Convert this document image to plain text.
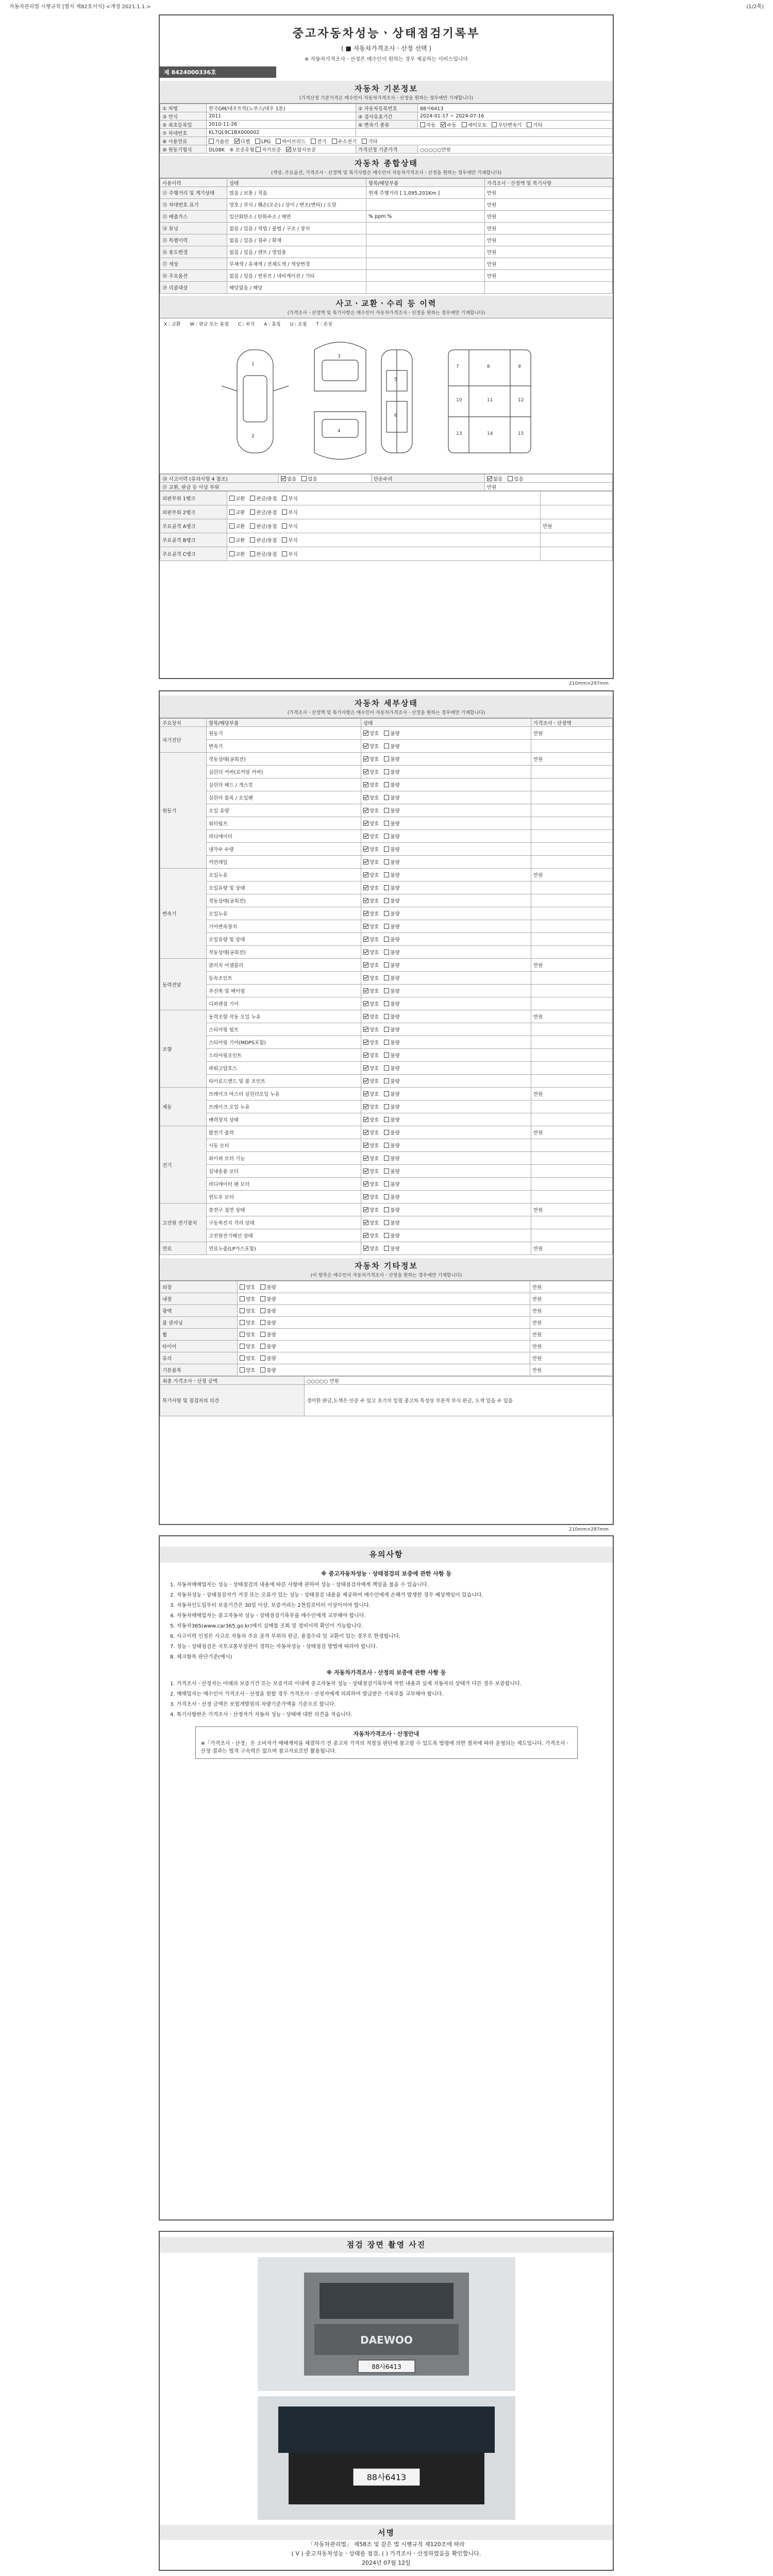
자동차관리법 시행규칙 [별지 제82호서식] <개정 2021.1.1.>	(1/2쪽)
중고자동차성능ㆍ상태점검기록부
( ■ 자동차가격조사ㆍ산정 선택 )
※ 자동차가격조사ㆍ산정은 매수인이 원하는 경우 제공하는 서비스입니다
제 8424000336호
자동차 기본정보
(가격산정 기준가격은 매수인이 자동차가격조사ㆍ산정을 원하는 경우에만 기재합니다)
① 차명	한국GM/대우트럭(노부스/대우 1톤)	② 자동차등록번호	88사6413
③ 연식	2011	④ 검사유효기간	2024-01-17 ~ 2024-07-16
⑤ 최초등록일	2010-11-26	⑥ 변속기 종류	자동 수동 세미오토 무단변속기 기타
⑦ 차대번호	KL7QL9C1BX000002		
⑧ 사용연료	가솔린 디젤 LPG 하이브리드 전기 수소전기 기타		
⑩ 원동기형식	DL08K ⑨ 보증유형 자가보증 보험사보증	가격산정 기준가격	○○○○○만원
자동차 종합상태
(색상, 주요옵션, 가격조사ㆍ산정액 및 특기사항은 매수인이 자동차가격조사ㆍ산정을 원하는 경우에만 기재합니다)
사용이력	상태	항목/해당부품	가격조사ㆍ산정액 및 특기사항
⑪ 주행거리 및 계기상태	많음 / 보통 / 적음	현재 주행거리 [ 1,095,201Km ]	만원
⑫ 차대번호 표기	양호 / 부식 / 훼손(오손) / 상이 / 변조(변타) / 도말		만원
⑬ 배출가스	일산화탄소 / 탄화수소 / 매연	% ppm %	만원
⑭ 튜닝	없음 / 있음 / 적법 / 불법 / 구조 / 장치		만원
⑮ 특별이력	없음 / 있음 / 침수 / 화재		만원
⑯ 용도변경	없음 / 있음 / 렌트 / 영업용		만원
⑰ 색상	무채색 / 유채색 / 전체도색 / 색상변경		만원
⑱ 주요옵션	없음 / 있음 / 썬루프 / 네비게이션 / 기타		만원
⑲ 리콜대상	해당없음 / 해당		
사고ㆍ교환ㆍ수리 등 이력
(가격조사ㆍ산정액 및 특기사항은 매수인이 자동차가격조사ㆍ산정을 원하는 경우에만 기재합니다)
X : 교환 W : 판금 또는 용접 C : 부식 A : 흠집 U : 요철 T : 손상
1
2
3
4
5
6
7	8	9
10	11	12
13	14	15
⑳ 사고이력 (유의사항 4 참조)	없음 있음	단순수리	없음 있음
㉑ 교환, 판금 등 이상 부위			만원
외판부위 1랭크	교환 판금/용접 부식	
외판부위 2랭크	교환 판금/용접 부식	
주요골격 A랭크	교환 판금/용접 부식	만원
주요골격 B랭크	교환 판금/용접 부식	
주요골격 C랭크	교환 판금/용접 부식	
210mm×297mm
자동차 세부상태
(가격조사ㆍ산정액 및 특기사항은 매수인이 자동차가격조사ㆍ산정을 원하는 경우에만 기재합니다)
주요장치	항목/해당부품	상태	가격조사ㆍ산정액
자기진단	원동기	양호 불량	만원
	변속기	양호 불량	
원동기	작동상태(공회전)	양호 불량	만원
	실린더 커버(로커암 커버)	양호 불량	
	실린더 헤드 / 개스킷	양호 불량	
	실린더 블록 / 오일팬	양호 불량	
	오일 유량	양호 불량	
	워터펌프	양호 불량	
	라디에이터	양호 불량	
	냉각수 수량	양호 불량	
	커먼레일	양호 불량	
변속기	오일누유	양호 불량	만원
	오일유량 및 상태	양호 불량	
	작동상태(공회전)	양호 불량	
	오일누유	양호 불량	
	기어변속장치	양호 불량	
	오일유량 및 상태	양호 불량	
	작동상태(공회전)	양호 불량	
동력전달	클러치 어셈블리	양호 불량	만원
	등속조인트	양호 불량	
	추진축 및 베어링	양호 불량	
	디퍼렌셜 기어	양호 불량	
조향	동력조향 작동 오일 누유	양호 불량	만원
	스티어링 펌프	양호 불량	
	스티어링 기어(MDPS포함)	양호 불량	
	스티어링조인트	양호 불량	
	파워고압호스	양호 불량	
	타이로드엔드 및 볼 조인트	양호 불량	
제동	브레이크 마스터 실린더오일 누유	양호 불량	만원
	브레이크 오일 누유	양호 불량	
	배력장치 상태	양호 불량	
전기	발전기 출력	양호 불량	만원
	시동 모터	양호 불량	
	와이퍼 모터 기능	양호 불량	
	실내송풍 모터	양호 불량	
	라디에이터 팬 모터	양호 불량	
	윈도우 모터	양호 불량	
고전원 전기장치	충전구 절연 상태	양호 불량	만원
	구동축전지 격리 상태	양호 불량	
	고전원전기배선 상태	양호 불량	
연료	연료누출(LP가스포함)	양호 불량	만원
자동차 기타정보
(이 항목은 매수인이 자동차가격조사ㆍ산정을 원하는 경우에만 기재합니다)
외장	양호 불량	만원
내장	양호 불량	만원
광택	양호 불량	만원
룸 클리닝	양호 불량	만원
휠	양호 불량	만원
타이어	양호 불량	만원
유리	양호 불량	만원
기본품목	양호 불량	만원
최종 가격조사ㆍ산정 금액	○○○○○ 만원
특기사항 및 점검자의 의견	경미한 판금,도색은 인증 수 있고 초기치 일점 중고차 특성상 부분적 부식 판금, 도색 있을 수 있음
210mm×297mm
유의사항
※ 중고자동차성능ㆍ상태점검의 보증에 관한 사항 등

1. 자동차매매업자는 성능ㆍ상태점검의 내용에 따른 사항에 관하여 성능ㆍ상태점검자에게 책임을 물을 수 있습니다.

2. 자동차성능ㆍ상태점검자가 거짓 또는 오류가 있는 성능ㆍ상태점검 내용을 제공하여 매수인에게 손해가 발생한 경우 배상책임이 있습니다.

3. 자동차인도일부터 보증기간은 30일 이상, 보증거리는 2천킬로미터 이상이어야 합니다.

4. 자동차매매업자는 중고자동차 성능ㆍ상태점검기록부를 매수인에게 교부해야 합니다.

5. 자동차365(www.car365.go.kr)에서 실매물 조회 및 정비이력 확인이 가능합니다.

6. 사고이력 인정은 사고로 자동차 주요 골격 부위의 판금, 용접수리 및 교환이 있는 경우로 한정합니다.

7. 성능ㆍ상태점검은 국토교통부장관이 정하는 자동차성능ㆍ상태점검 방법에 따라야 합니다.

8. 체크항목 판단기준(예시)

※ 자동차가격조사ㆍ산정의 보증에 관한 사항 등

1. 가격조사ㆍ산정자는 아래의 보증기간 또는 보증거리 이내에 중고자동차 성능ㆍ상태점검기록부에 적힌 내용과 실제 자동차의 상태가 다른 경우 보증합니다.

2. 매매업자는 매수인이 가격조사ㆍ산정을 원할 경우 가격조사ㆍ산정자에게 의뢰하여 발급받은 기록부를 교부해야 합니다.

3. 가격조사ㆍ산정 금액은 보험개발원의 차량기준가액을 기준으로 합니다.

4. 특기사항란은 가격조사ㆍ산정자가 자동차 성능ㆍ상태에 대한 의견을 적습니다.

자동차가격조사ㆍ산정안내
※「가격조사ㆍ산정」은 소비자가 매매계약을 체결하기 전 중고차 가격의 적절성 판단에 참고할 수 있도록 법령에 의한 절차에 따라 운영되는 제도입니다. 가격조사ㆍ산정 결과는 법적 구속력은 없으며 참고자료로만 활용됩니다.
점검 장면 촬영 사진
DAEWOO
88사6413
88사6413
서명
「자동차관리법」 제58조 및 같은 법 시행규칙 제120조에 따라
( V ) 중고자동차성능ㆍ상태를 점검, ( ) 가격조사ㆍ산정하였음을 확인합니다.
2024년 07월 12일
